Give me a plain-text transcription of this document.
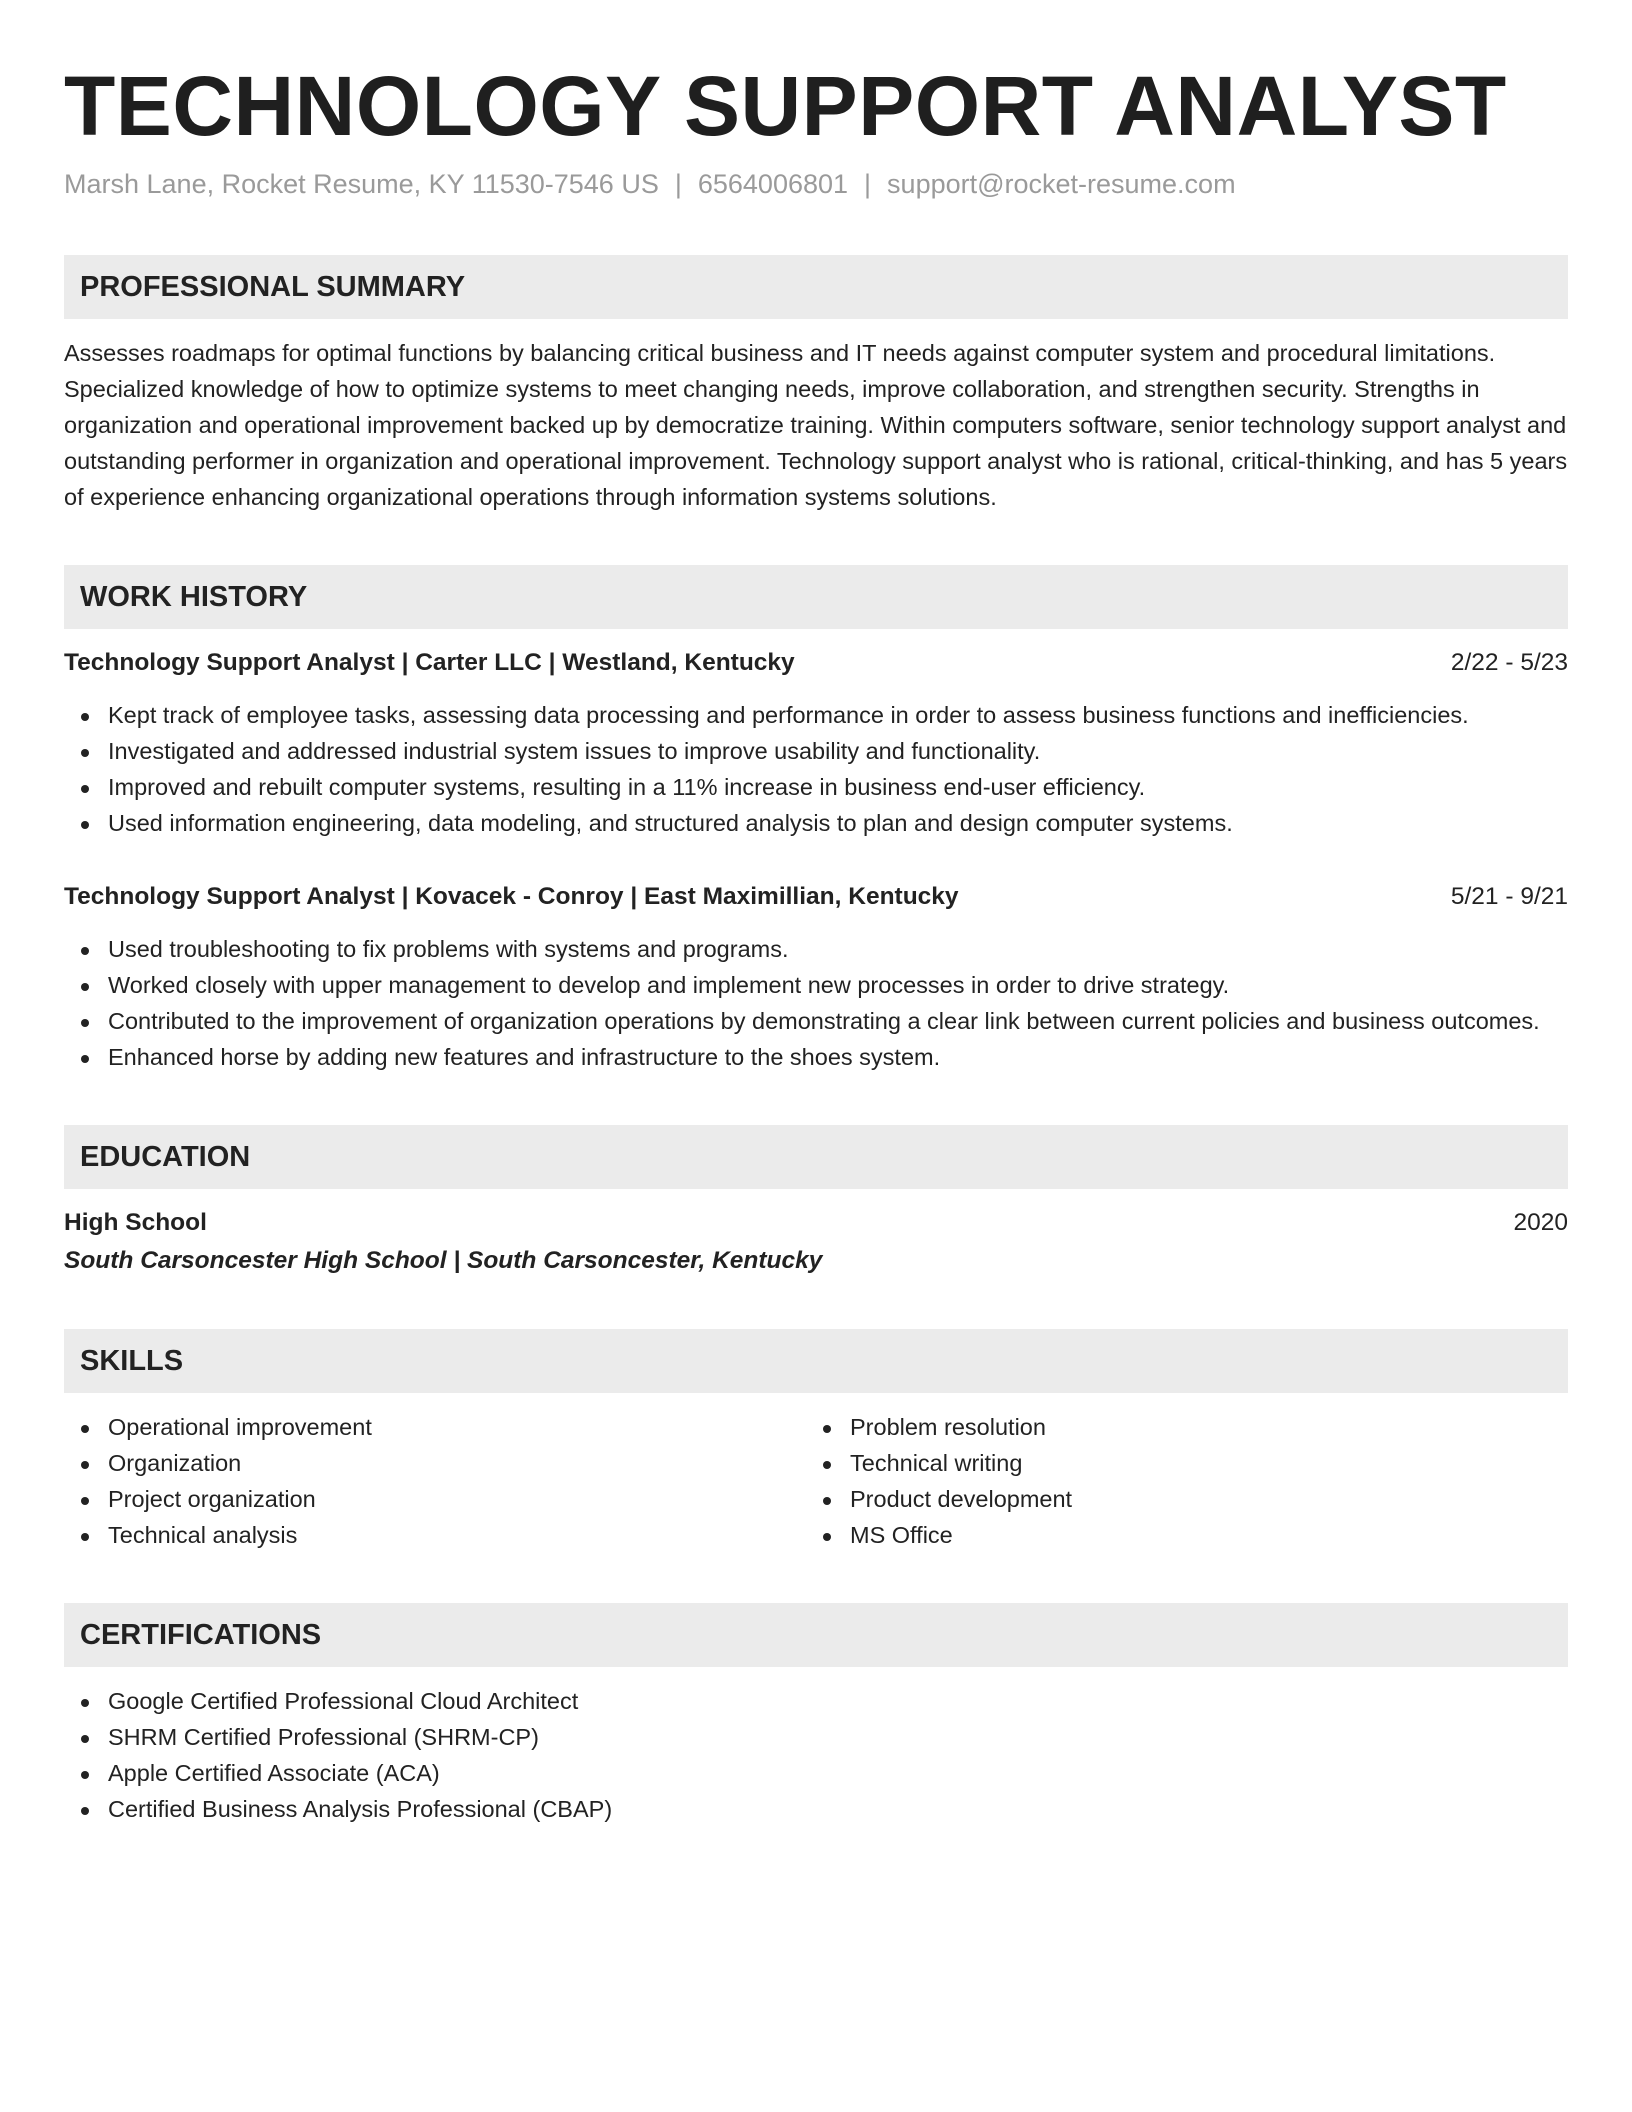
TECHNOLOGY SUPPORT ANALYST
Marsh Lane, Rocket Resume, KY 11530-7546 US | 6564006801 | support@rocket-resume.com
PROFESSIONAL SUMMARY
Assesses roadmaps for optimal functions by balancing critical business and IT needs against computer system and procedural limitations. Specialized knowledge of how to optimize systems to meet changing needs, improve collaboration, and strengthen security. Strengths in organization and operational improvement backed up by democratize training. Within computers software, senior technology support analyst and outstanding performer in organization and operational improvement. Technology support analyst who is rational, critical-thinking, and has 5 years of experience enhancing organizational operations through information systems solutions.
WORK HISTORY
Technology Support Analyst | Carter LLC | Westland, Kentucky	2/22 - 5/23
Kept track of employee tasks, assessing data processing and performance in order to assess business functions and inefficiencies.
Investigated and addressed industrial system issues to improve usability and functionality.
Improved and rebuilt computer systems, resulting in a 11% increase in business end-user efficiency.
Used information engineering, data modeling, and structured analysis to plan and design computer systems.
Technology Support Analyst | Kovacek - Conroy | East Maximillian, Kentucky	5/21 - 9/21
Used troubleshooting to fix problems with systems and programs.
Worked closely with upper management to develop and implement new processes in order to drive strategy.
Contributed to the improvement of organization operations by demonstrating a clear link between current policies and business outcomes.
Enhanced horse by adding new features and infrastructure to the shoes system.
EDUCATION
High School	2020
South Carsoncester High School | South Carsoncester, Kentucky
SKILLS
Operational improvement
Organization
Project organization
Technical analysis
Problem resolution
Technical writing
Product development
MS Office
CERTIFICATIONS
Google Certified Professional Cloud Architect
SHRM Certified Professional (SHRM-CP)
Apple Certified Associate (ACA)
Certified Business Analysis Professional (CBAP)
